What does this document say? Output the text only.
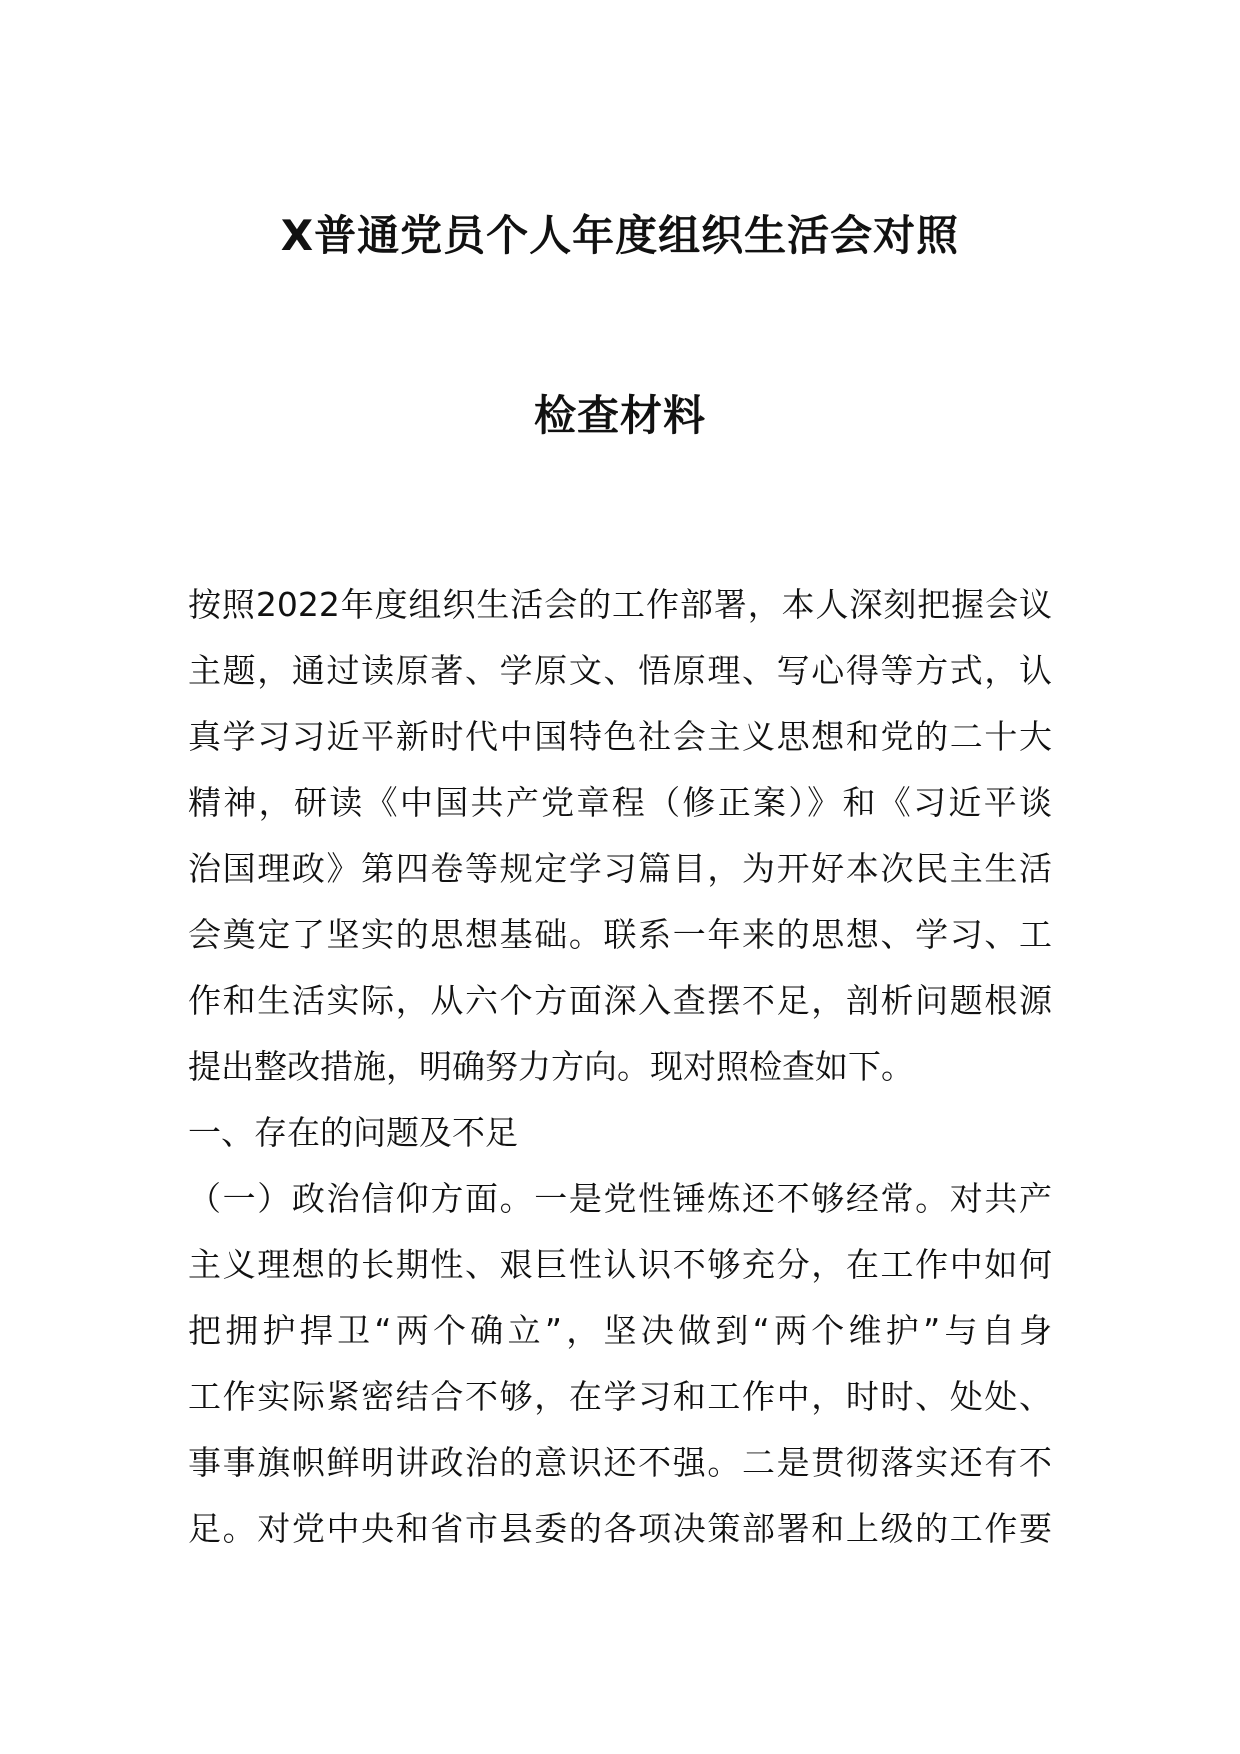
X普通党员个人年度组织生活会对照
检查材料
按照2022年度组织生活会的工作部署，本人深刻把握会议
主题，通过读原著、学原文、悟原理、写心得等方式，认
真学习习近平新时代中国特色社会主义思想和党的二十大
精神，研读《中国共产党章程（修正案）》和《习近平谈
治国理政》第四卷等规定学习篇目，为开好本次民主生活
会奠定了坚实的思想基础。联系一年来的思想、学习、工
作和生活实际，从六个方面深入查摆不足，剖析问题根源
提出整改措施，明确努力方向。现对照检查如下。
一、存在的问题及不足
（一）政治信仰方面。一是党性锤炼还不够经常。对共产
主义理想的长期性、艰巨性认识不够充分，在工作中如何
把拥护捍卫“两个确立”，坚决做到“两个维护”与自身
工作实际紧密结合不够，在学习和工作中，时时、处处、
事事旗帜鲜明讲政治的意识还不强。二是贯彻落实还有不
足。对党中央和省市县委的各项决策部署和上级的工作要
